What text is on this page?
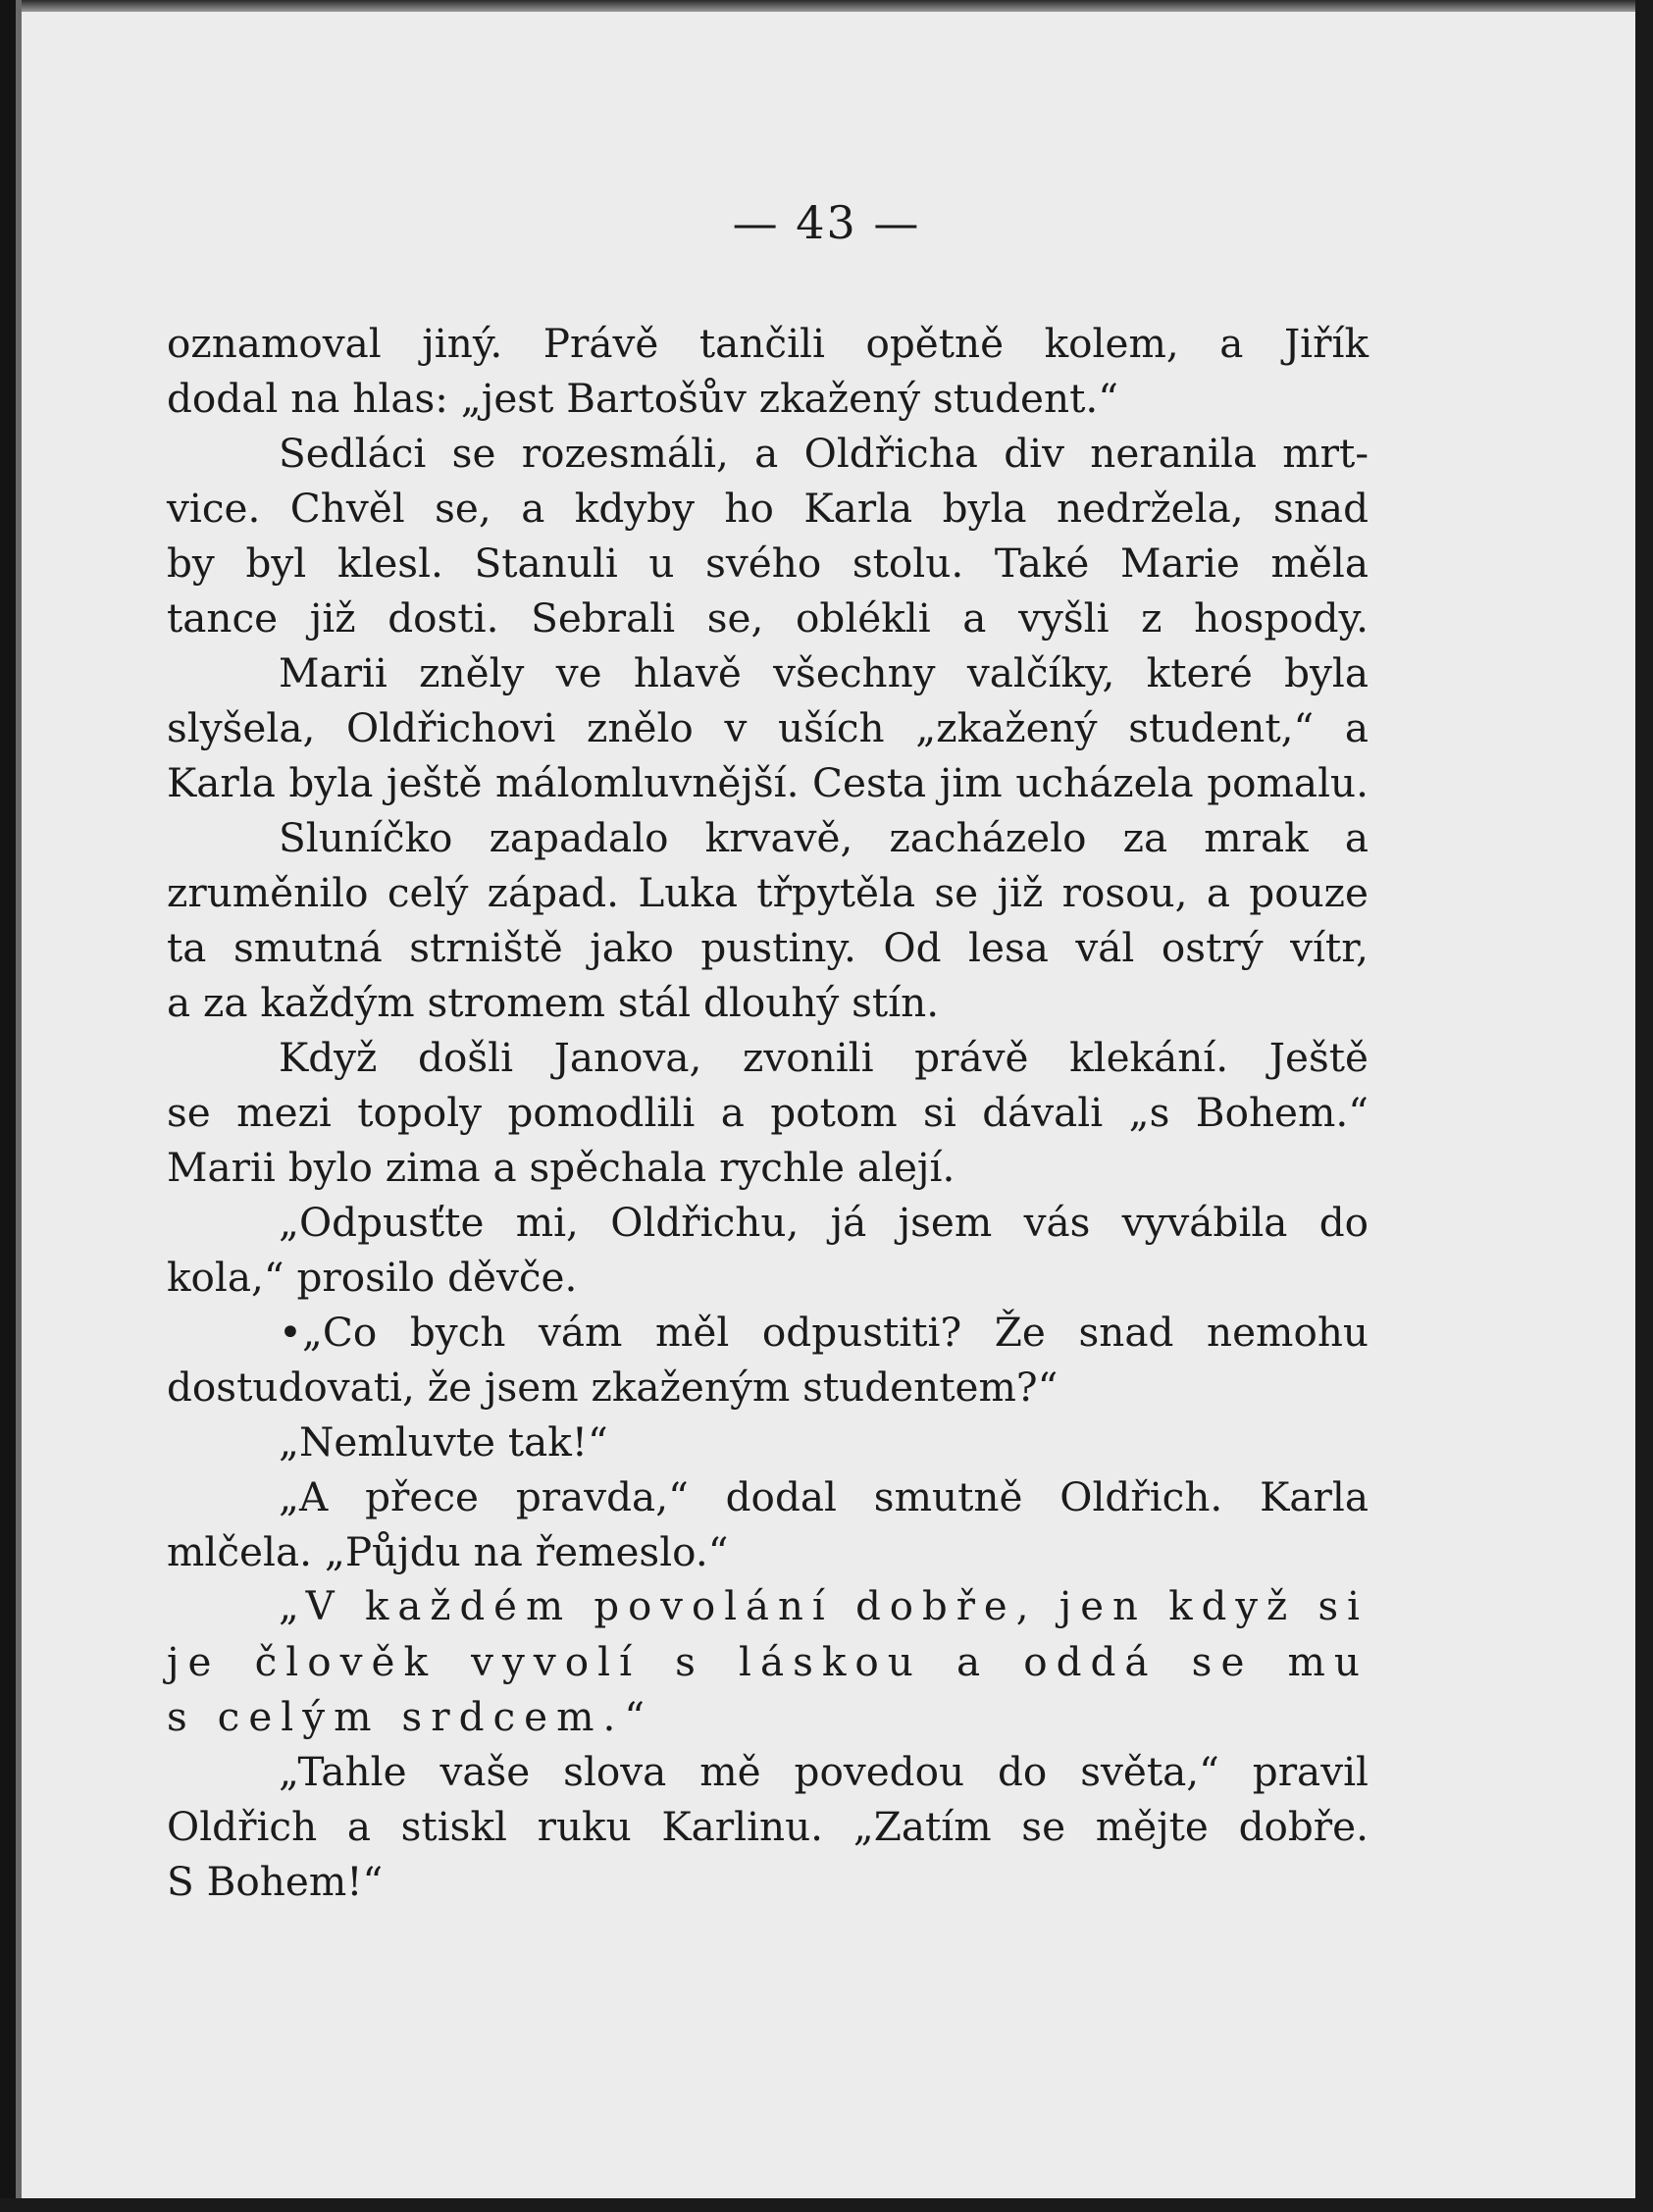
— 43 —
oznamoval jiný. Právě tančili opětně kolem, a Jiřík
dodal na hlas: „jest Bartošův zkažený student.“
Sedláci se rozesmáli, a Oldřicha div neranila mrt-
vice. Chvěl se, a kdyby ho Karla byla nedržela, snad
by byl klesl. Stanuli u svého stolu. Také Marie měla
tance již dosti. Sebrali se, oblékli a vyšli z hospody.
Marii zněly ve hlavě všechny valčíky, které byla
slyšela, Oldřichovi znělo v uších „zkažený student,“ a
Karla byla ještě málomluvnější. Cesta jim ucházela pomalu.
Sluníčko zapadalo krvavě, zacházelo za mrak a
zruměnilo celý západ. Luka třpytěla se již rosou, a pouze
ta smutná strniště jako pustiny. Od lesa vál ostrý vítr,
a za každým stromem stál dlouhý stín.
Když došli Janova, zvonili právě klekání. Ještě
se mezi topoly pomodlili a potom si dávali „s Bohem.“
Marii bylo zima a spěchala rychle alejí.
„Odpusťte mi, Oldřichu, já jsem vás vyvábila do
kola,“ prosilo děvče.
•„Co bych vám měl odpustiti? Že snad nemohu
dostudovati, že jsem zkaženým studentem?“
„Nemluvte tak!“
„A přece pravda,“ dodal smutně Oldřich. Karla
mlčela. „Půjdu na řemeslo.“
„V každém povolání dobře, jen když si
je člověk vyvolí s láskou a oddá se mu
s celým srdcem.“
„Tahle vaše slova mě povedou do světa,“ pravil
Oldřich a stiskl ruku Karlinu. „Zatím se mějte dobře.
S Bohem!“
